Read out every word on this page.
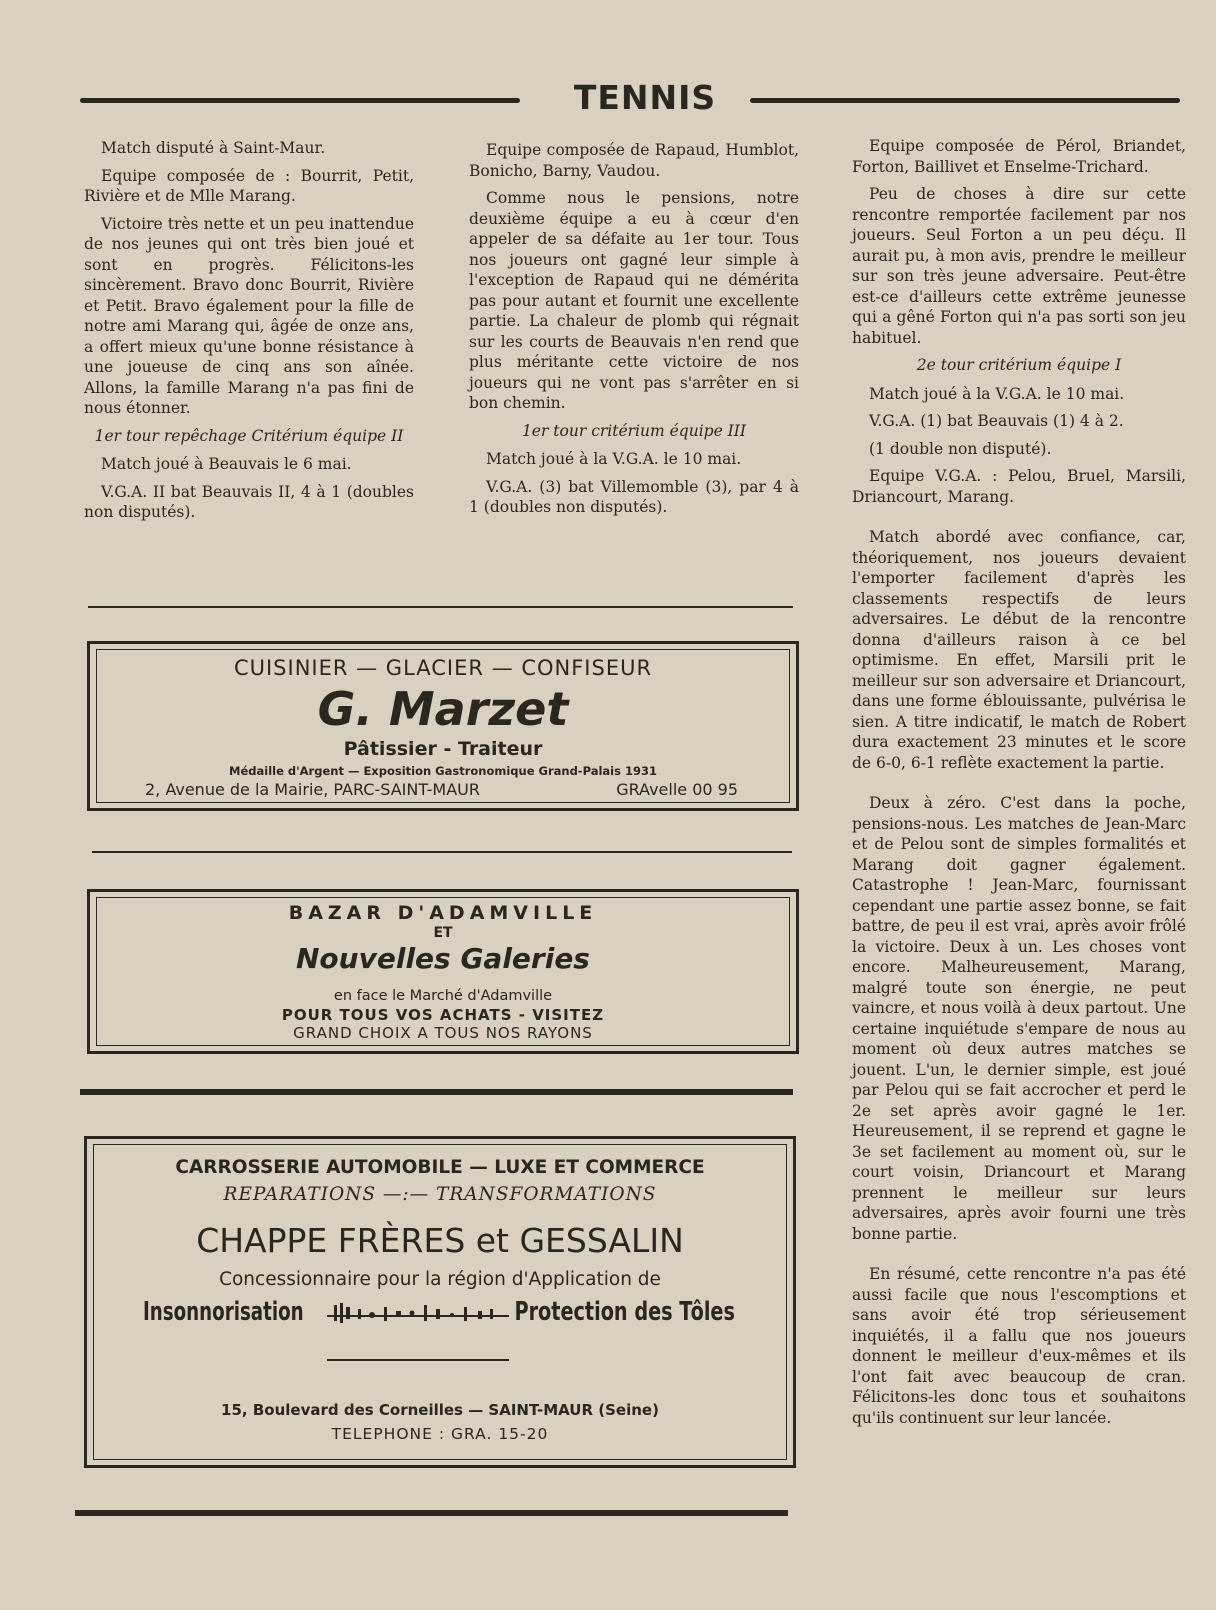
TENNIS

Match disputé à Saint-Maur.

Equipe composée de : Bourrit, Petit, Rivière et de Mlle Marang.

Victoire très nette et un peu inattendue de nos jeunes qui ont très bien joué et sont en progrès. Félicitons-les sincèrement. Bravo donc Bourrit, Rivière et Petit. Bravo également pour la fille de notre ami Marang qui, âgée de onze ans, a offert mieux qu'une bonne résistance à une joueuse de cinq ans son aînée. Allons, la famille Marang n'a pas fini de nous étonner.

1er tour repêchage Critérium équipe II

Match joué à Beauvais le 6 mai.

V.G.A. II bat Beauvais II, 4 à 1 (doubles non disputés).

Equipe composée de Rapaud, Humblot, Bonicho, Barny, Vaudou.

Comme nous le pensions, notre deuxième équipe a eu à cœur d'en appeler de sa défaite au 1er tour. Tous nos joueurs ont gagné leur simple à l'exception de Rapaud qui ne démérita pas pour autant et fournit une excellente partie. La chaleur de plomb qui régnait sur les courts de Beauvais n'en rend que plus méritante cette victoire de nos joueurs qui ne vont pas s'arrêter en si bon chemin.

1er tour critérium équipe III

Match joué à la V.G.A. le 10 mai.

V.G.A. (3) bat Villemomble (3), par 4 à 1 (doubles non disputés).

Equipe composée de Pérol, Briandet, Forton, Baillivet et Enselme-Trichard.

Peu de choses à dire sur cette rencontre remportée facilement par nos joueurs. Seul Forton a un peu déçu. Il aurait pu, à mon avis, prendre le meilleur sur son très jeune adversaire. Peut-être est-ce d'ailleurs cette extrême jeunesse qui a gêné Forton qui n'a pas sorti son jeu habituel.

2e tour critérium équipe I

Match joué à la V.G.A. le 10 mai.

V.G.A. (1) bat Beauvais (1) 4 à 2.

(1 double non disputé).

Equipe V.G.A. : Pelou, Bruel, Marsili, Driancourt, Marang.

Match abordé avec confiance, car, théoriquement, nos joueurs devaient l'emporter facilement d'après les classements respectifs de leurs adversaires. Le début de la rencontre donna d'ailleurs raison à ce bel optimisme. En effet, Marsili prit le meilleur sur son adversaire et Driancourt, dans une forme éblouissante, pulvérisa le sien. A titre indicatif, le match de Robert dura exactement 23 minutes et le score de 6-0, 6-1 reflète exactement la partie.

Deux à zéro. C'est dans la poche, pensions-nous. Les matches de Jean-Marc et de Pelou sont de simples formalités et Marang doit gagner également. Catastrophe ! Jean-Marc, fournissant cependant une partie assez bonne, se fait battre, de peu il est vrai, après avoir frôlé la victoire. Deux à un. Les choses vont encore. Malheureusement, Marang, malgré toute son énergie, ne peut vaincre, et nous voilà à deux partout. Une certaine inquiétude s'empare de nous au moment où deux autres matches se jouent. L'un, le dernier simple, est joué par Pelou qui se fait accrocher et perd le 2e set après avoir gagné le 1er. Heureusement, il se reprend et gagne le 3e set facilement au moment où, sur le court voisin, Driancourt et Marang prennent le meilleur sur leurs adversaires, après avoir fourni une très bonne partie.

En résumé, cette rencontre n'a pas été aussi facile que nous l'escomptions et sans avoir été trop sérieusement inquiétés, il a fallu que nos joueurs donnent le meilleur d'eux-mêmes et ils l'ont fait avec beaucoup de cran. Félicitons-les donc tous et souhaitons qu'ils continuent sur leur lancée.

CUISINIER — GLACIER — CONFISEUR
G. Marzet
Pâtissier - Traiteur
Médaille d'Argent — Exposition Gastronomique Grand-Palais 1931
2, Avenue de la Mairie, PARC-SAINT-MAUR	GRAvelle 00 95
BAZAR D'ADAMVILLE
ET
Nouvelles Galeries
en face le Marché d'Adamville
POUR TOUS VOS ACHATS - VISITEZ
GRAND CHOIX A TOUS NOS RAYONS
CARROSSERIE AUTOMOBILE — LUXE ET COMMERCE
REPARATIONS —:— TRANSFORMATIONS
CHAPPE FRÈRES et GESSALIN
Concessionnaire pour la région d'Application de
Insonnorisation	Protection des Tôles
15, Boulevard des Corneilles — SAINT-MAUR (Seine)
TELEPHONE : GRA. 15-20
